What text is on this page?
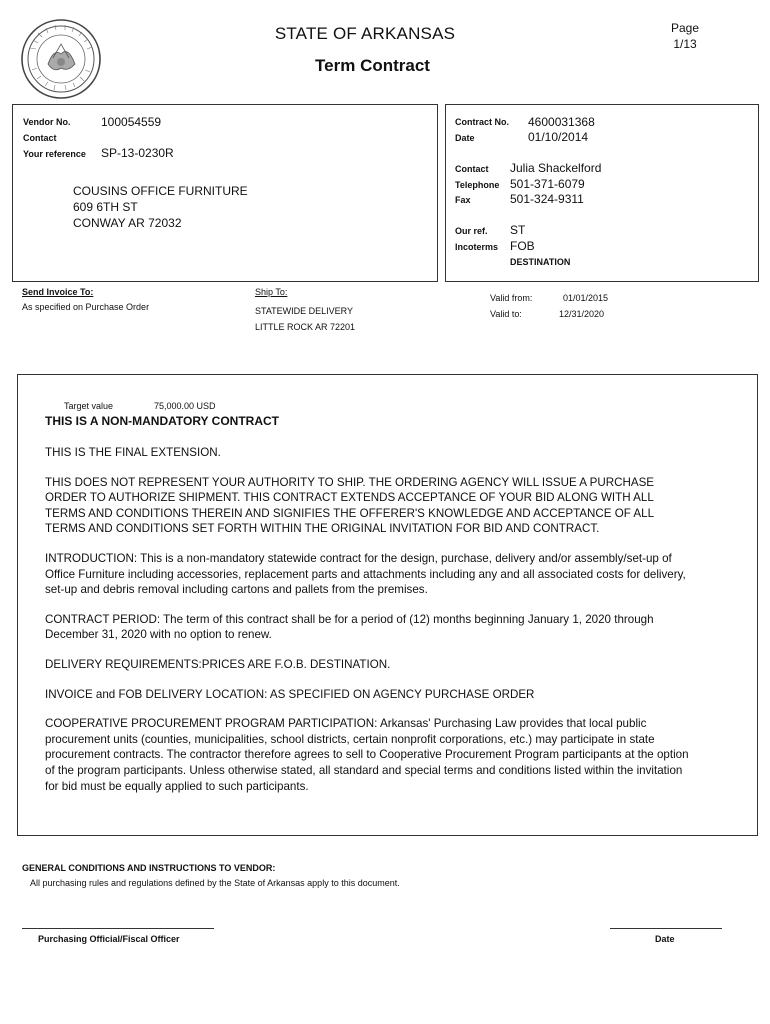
STATE OF ARKANSAS
Term Contract
Page
1/13
Vendor No.	100054559
Contact
Your reference SP-13-0230R
COUSINS OFFICE FURNITURE
609 6TH ST
CONWAY AR 72032
Contract No. 4600031368
Date	01/10/2014
Contact Julia Shackelford
Telephone 501-371-6079
Fax	501-324-9311
Our ref. ST
Incoterms FOB
DESTINATION
Send Invoice To:
As specified on Purchase Order
Ship To:
STATEWIDE DELIVERY
LITTLE ROCK AR 72201
Valid from:	01/01/2015
Valid to:	12/31/2020
Target value	75,000.00 USD
THIS IS A NON-MANDATORY CONTRACT

THIS IS THE FINAL EXTENSION.

THIS DOES NOT REPRESENT YOUR AUTHORITY TO SHIP. THE ORDERING AGENCY WILL ISSUE A PURCHASE ORDER TO AUTHORIZE SHIPMENT. THIS CONTRACT EXTENDS ACCEPTANCE OF YOUR BID ALONG WITH ALL TERMS AND CONDITIONS THEREIN AND SIGNIFIES THE OFFERER'S KNOWLEDGE AND ACCEPTANCE OF ALL TERMS AND CONDITIONS SET FORTH WITHIN THE ORIGINAL INVITATION FOR BID AND CONTRACT.

INTRODUCTION: This is a non-mandatory statewide contract for the design, purchase, delivery and/or assembly/set-up of Office Furniture including accessories, replacement parts and attachments including any and all associated costs for delivery, set-up and debris removal including cartons and pallets from the premises.

CONTRACT PERIOD: The term of this contract shall be for a period of (12) months beginning January 1, 2020 through December 31, 2020 with no option to renew.

DELIVERY REQUIREMENTS:PRICES ARE F.O.B. DESTINATION.

INVOICE and FOB DELIVERY LOCATION: AS SPECIFIED ON AGENCY PURCHASE ORDER

COOPERATIVE PROCUREMENT PROGRAM PARTICIPATION: Arkansas' Purchasing Law provides that local public procurement units (counties, municipalities, school districts, certain nonprofit corporations, etc.) may participate in state procurement contracts. The contractor therefore agrees to sell to Cooperative Procurement Program participants at the option of the program participants. Unless otherwise stated, all standard and special terms and conditions listed within the invitation for bid must be equally applied to such participants.

GENERAL CONDITIONS AND INSTRUCTIONS TO VENDOR:
All purchasing rules and regulations defined by the State of Arkansas apply to this document.
Purchasing Official/Fiscal Officer	Date
